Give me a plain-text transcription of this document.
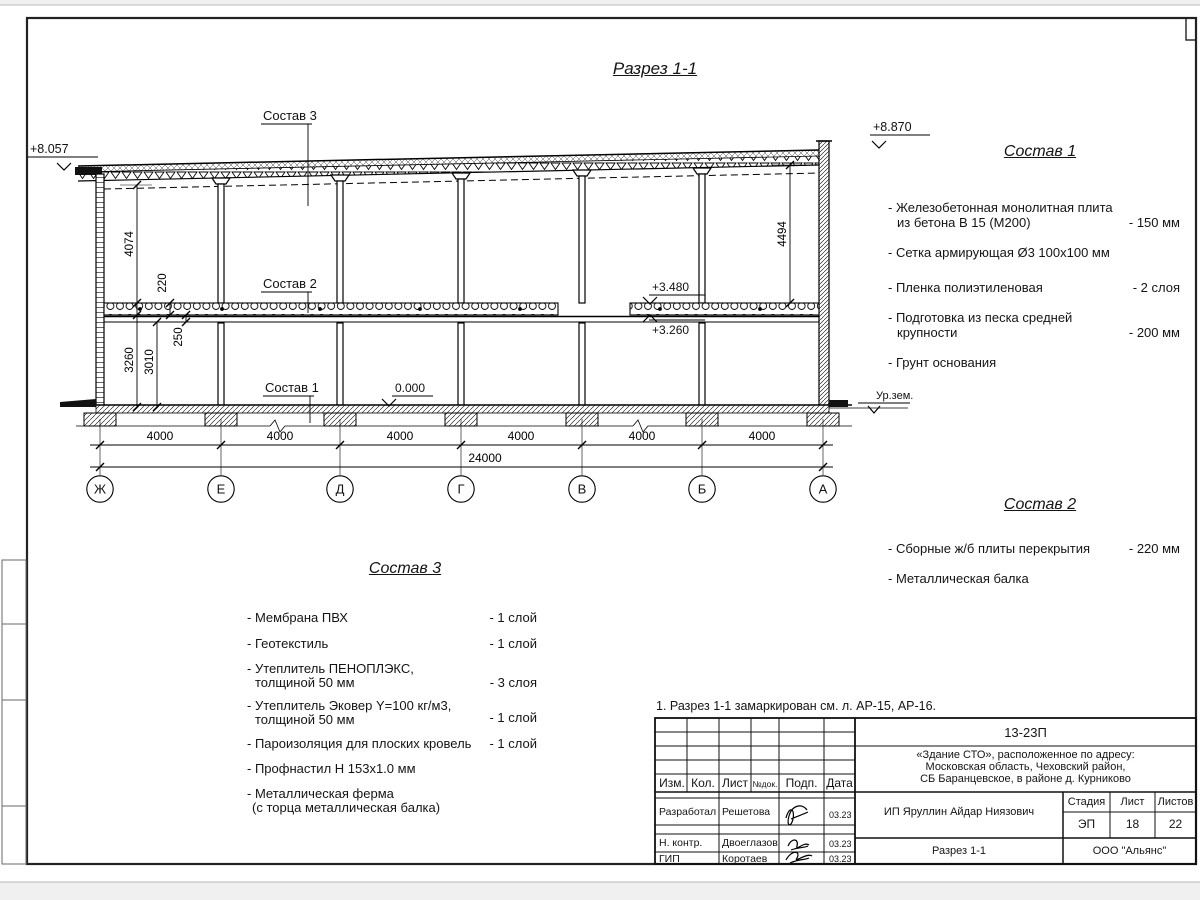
4000	4000	4000	4000	4000	4000
24000
Ж	Е	Д	Г	В	Б	А
4074
3260 3010
220
250
4494
Состав 3
Состав 2
Состав 1
+8.057
+8.870
+3.480
+3.260
0.000
Ур.зем.
Разрез 1-1
1. Разрез 1-1 замаркирован см. л. АР-15, АР-16.
Состав 1
- Железобетонная монолитная плита
из бетона В 15 (М200)	- 150 мм
- Сетка армирующая Ø3 100х100 мм
- Пленка полиэтиленовая	- 2 слоя
- Подготовка из песка средней
крупности	- 200 мм
- Грунт основания
Состав 2
- Сборные ж/б плиты перекрытия	- 220 мм
- Металлическая балка
Состав 3
- Мембрана ПВХ	- 1 слой
- Геотекстиль	- 1 слой
- Утеплитель ПЕНОПЛЭКС,
толщиной 50 мм	- 3 слоя
- Утеплитель Эковер Y=100 кг/м3,
толщиной 50 мм	- 1 слой
- Пароизоляция для плоских кровель	- 1 слой
- Профнастил Н 153х1.0 мм
- Металлическая ферма
(с торца металлическая балка)
Изм. Кол. Лист №док. Подп. Дата
Разработал Решетова	03.23
Н. контр. Двоеглазов	03.23
ГИП	Коротаев	03.23
13-23П
«Здание СТО», расположенное по адресу:
Московская область, Чеховский район,
СБ Баранцевское, в районе д. Курниково
ИП Яруллин Айдар Ниязович
Стадия	Лист	Листов
ЭП	18	22
Разрез 1-1	ООО "Альянс"
